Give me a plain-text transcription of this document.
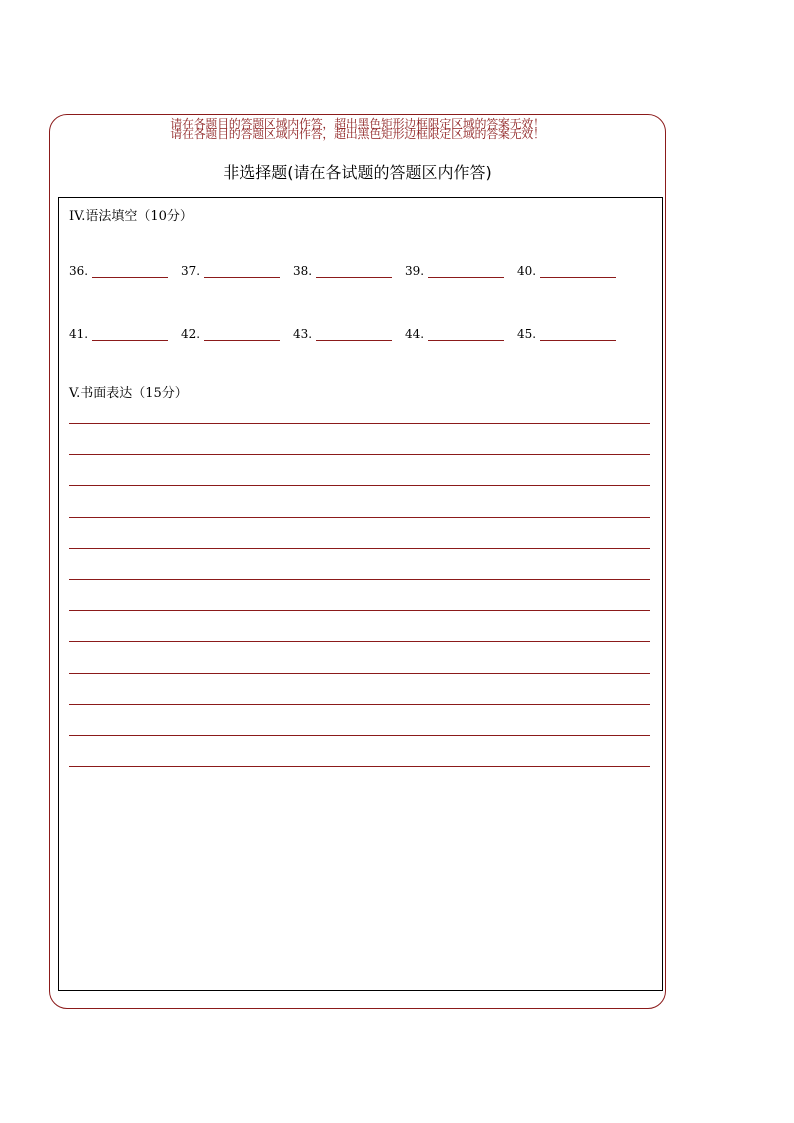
请在各题目的答题区域内作答，超出黑色矩形边框限定区域的答案无效！
请在各题目的答题区域内作答，超出黑色矩形边框限定区域的答案无效！
非选择题(请在各试题的答题区内作答)
IV.语法填空（10分）
36.	37.	38.	39.	40.
41.	42.	43.	44.	45.
V.书面表达（15分）
